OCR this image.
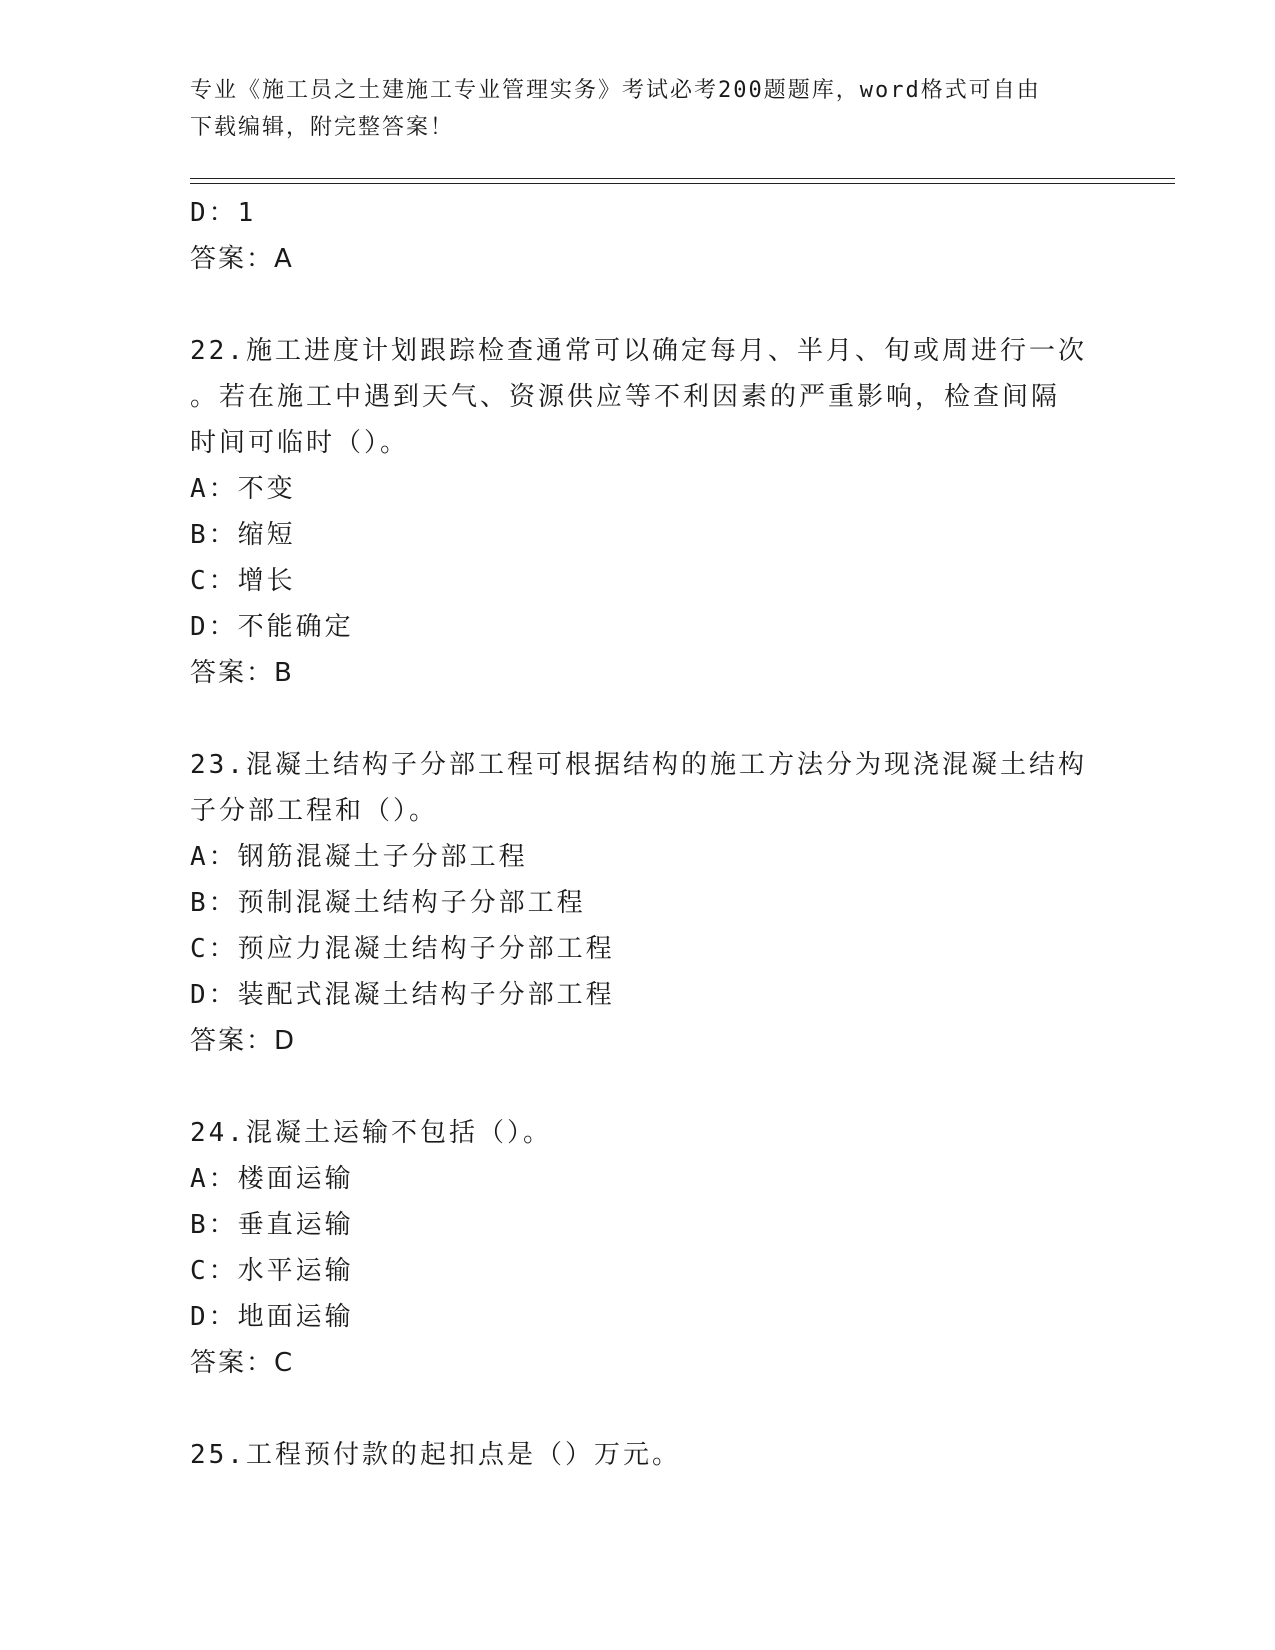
专业《施工员之土建施工专业管理实务》考试必考200题题库，word格式可自由
下载编辑，附完整答案！
D：1
答案：A
22.施工进度计划跟踪检查通常可以确定每月、半月、旬或周进行一次
。若在施工中遇到天气、资源供应等不利因素的严重影响，检查间隔
时间可临时（）。
A：不变
B：缩短
C：增长
D：不能确定
答案：B
23.混凝土结构子分部工程可根据结构的施工方法分为现浇混凝土结构
子分部工程和（）。
A：钢筋混凝土子分部工程
B：预制混凝土结构子分部工程
C：预应力混凝土结构子分部工程
D：装配式混凝土结构子分部工程
答案：D
24.混凝土运输不包括（）。
A：楼面运输
B：垂直运输
C：水平运输
D：地面运输
答案：C
25.工程预付款的起扣点是（）万元。
